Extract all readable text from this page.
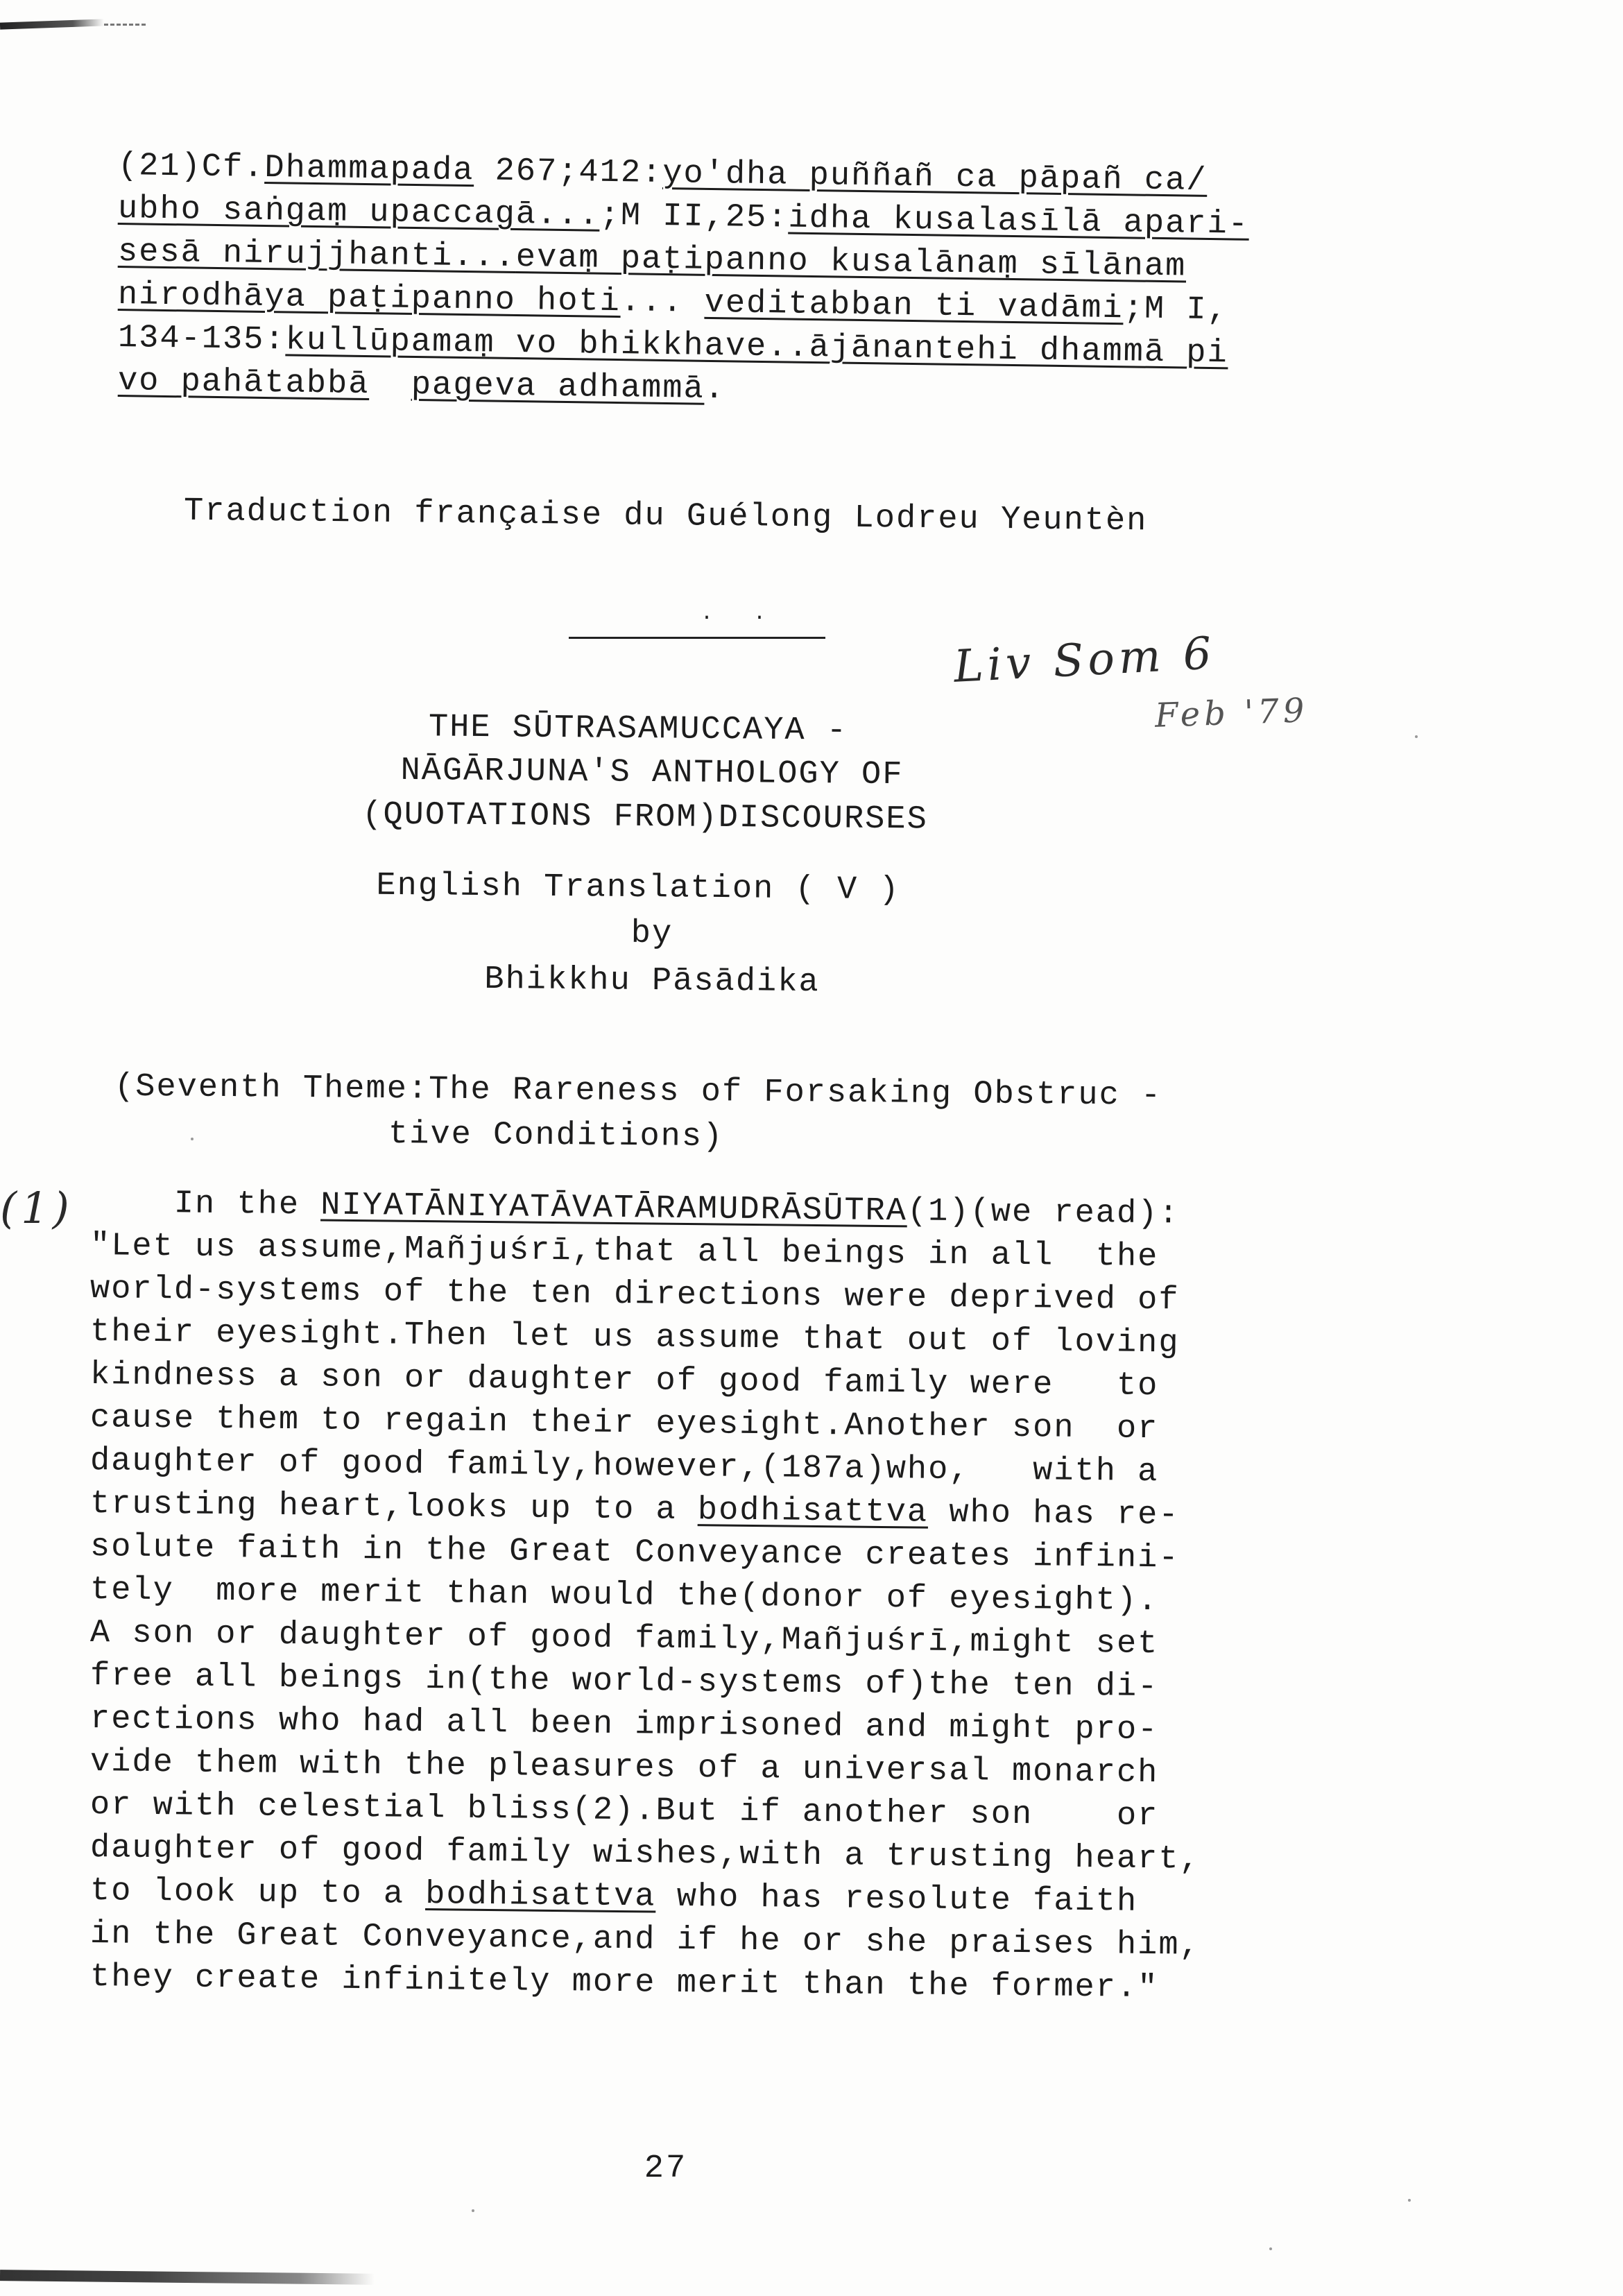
(21)Cf.Dhammapada 267;412:yo'dha puññañ ca pāpañ ca/
ubho saṅgaṃ upaccagā...;M II,25:idha kusalasīlā apari-
sesā nirujjhanti...evaṃ paṭipanno kusalānaṃ sīlānam
nirodhāya paṭipanno hoti... veditabban ti vadāmi;M I,
134-135:kullūpamaṃ vo bhikkhave..ājānantehi dhammā pi
vo pahātabbā pageva adhammā.
Traduction française du Guélong Lodreu Yeuntèn
. .
Liv Som 6
Feb '79
(1)
THE SŪTRASAMUCCAYA -
NĀGĀRJUNA'S ANTHOLOGY OF
(QUOTATIONS FROM)DISCOURSES
English Translation ( V )
by
Bhikkhu Pāsādika
(Seventh Theme:The Rareness of Forsaking Obstruc -
tive Conditions)
In the NIYATĀNIYATĀVATĀRAMUDRĀSŪTRA(1)(we read):
"Let us assume,Mañjuśrī,that all beings in all  the
world-systems of the ten directions were deprived of
their eyesight.Then let us assume that out of loving
kindness a son or daughter of good family were   to
cause them to regain their eyesight.Another son  or
daughter of good family,however,(187a)who,   with a
trusting heart,looks up to a bodhisattva who has re-
solute faith in the Great Conveyance creates infini-
tely  more merit than would the(donor of eyesight).
A son or daughter of good family,Mañjuśrī,might set
free all beings in(the world-systems of)the ten di-
rections who had all been imprisoned and might pro-
vide them with the pleasures of a universal monarch
or with celestial bliss(2).But if another son    or
daughter of good family wishes,with a trusting heart,
to look up to a bodhisattva who has resolute faith
in the Great Conveyance,and if he or she praises him,
they create infinitely more merit than the former."
27
